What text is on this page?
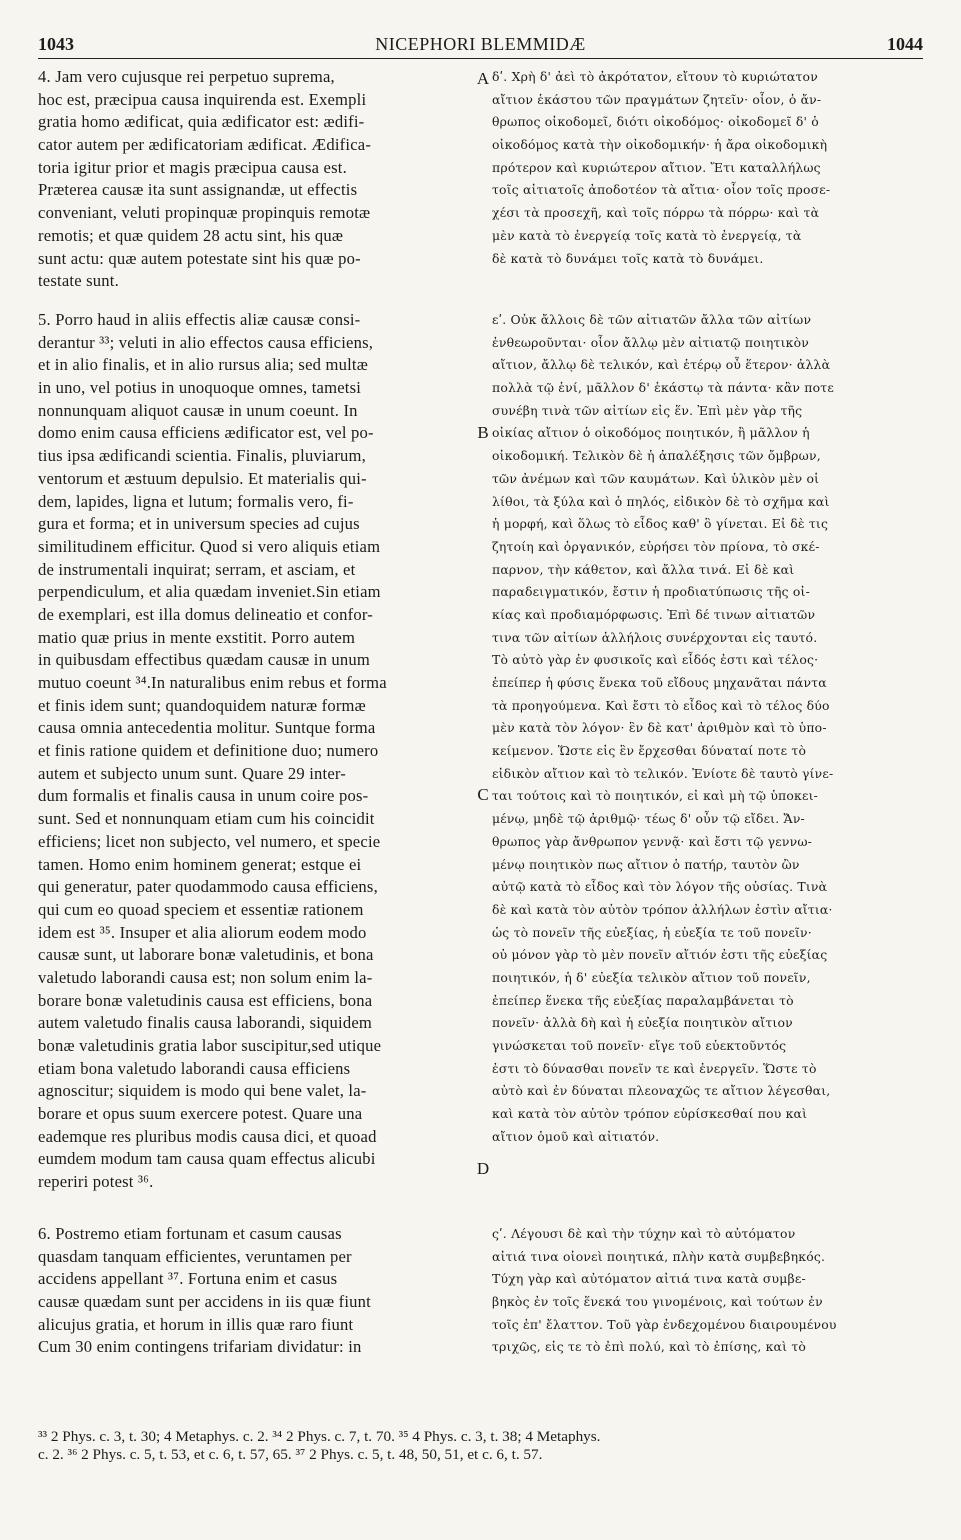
1043	NICEPHORI BLEMMIDÆ	1044
4. Jam vero cujusque rei perpetuo suprema,
hoc est, præcipua causa inquirenda est. Exempli
gratia homo ædificat, quia ædificator est: ædifi-
cator autem per ædificatoriam ædificat. Ædifica-
toria igitur prior et magis præcipua causa est.
Præterea causæ ita sunt assignandæ, ut effectis
conveniant, veluti propinquæ propinquis remotæ
remotis; et quæ quidem 28 actu sint, his quæ
sunt actu: quæ autem potestate sint his quæ po-
testate sunt.
5. Porro haud in aliis effectis aliæ causæ consi-
derantur ³³; veluti in alio effectos causa efficiens,
et in alio finalis, et in alio rursus alia; sed multæ
in uno, vel potius in unoquoque omnes, tametsi
nonnunquam aliquot causæ in unum coeunt. In
domo enim causa efficiens ædificator est, vel po-
tius ipsa ædificandi scientia. Finalis, pluviarum,
ventorum et æstuum depulsio. Et materialis qui-
dem, lapides, ligna et lutum; formalis vero, fi-
gura et forma; et in universum species ad cujus
similitudinem efficitur. Quod si vero aliquis etiam
de instrumentali inquirat; serram, et asciam, et
perpendiculum, et alia quædam inveniet.Sin etiam
de exemplari, est illa domus delineatio et confor-
matio quæ prius in mente exstitit. Porro autem
in quibusdam effectibus quædam causæ in unum
mutuo coeunt ³⁴.In naturalibus enim rebus et forma
et finis idem sunt; quandoquidem naturæ formæ
causa omnia antecedentia molitur. Suntque forma
et finis ratione quidem et definitione duo; numero
autem et subjecto unum sunt. Quare 29 inter-
dum formalis et finalis causa in unum coire pos-
sunt. Sed et nonnunquam etiam cum his coincidit
efficiens; licet non subjecto, vel numero, et specie
tamen. Homo enim hominem generat; estque ei
qui generatur, pater quodammodo causa efficiens,
qui cum eo quoad speciem et essentiæ rationem
idem est ³⁵. Insuper et alia aliorum eodem modo
causæ sunt, ut laborare bonæ valetudinis, et bona
valetudo laborandi causa est; non solum enim la-
borare bonæ valetudinis causa est efficiens, bona
autem valetudo finalis causa laborandi, siquidem
bonæ valetudinis gratia labor suscipitur,sed utique
etiam bona valetudo laborandi causa efficiens
agnoscitur; siquidem is modo qui bene valet, la-
borare et opus suum exercere potest. Quare una
eademque res pluribus modis causa dici, et quoad
eumdem modum tam causa quam effectus alicubi
reperiri potest ³⁶.
6. Postremo etiam fortunam et casum causas
quasdam tanquam efficientes, veruntamen per
accidens appellant ³⁷. Fortuna enim et casus
causæ quædam sunt per accidens in iis quæ fiunt
alicujus gratia, et horum in illis quæ raro fiunt
Cum 30 enim contingens trifariam dividatur: in
δʹ. Χρὴ δ' ἀεὶ τὸ ἀκρότατον, εἴτουν τὸ κυριώτατον
αἴτιον ἑκάστου τῶν πραγμάτων ζητεῖν· οἷον, ὁ ἄν-
θρωπος οἰκοδομεῖ, διότι οἰκοδόμος· οἰκοδομεῖ δ' ὁ
οἰκοδόμος κατὰ τὴν οἰκοδομικήν· ἡ ἄρα οἰκοδομικὴ
πρότερον καὶ κυριώτερον αἴτιον. Ἔτι καταλλήλως
τοῖς αἰτιατοῖς ἀποδοτέον τὰ αἴτια· οἷον τοῖς προσε-
χέσι τὰ προσεχῆ, καὶ τοῖς πόρρω τὰ πόρρω· καὶ τὰ
μὲν κατὰ τὸ ἐνεργείᾳ τοῖς κατὰ τὸ ἐνεργείᾳ, τὰ
δὲ κατὰ τὸ δυνάμει τοῖς κατὰ τὸ δυνάμει.
εʹ. Οὐκ ἄλλοις δὲ τῶν αἰτιατῶν ἄλλα τῶν αἰτίων
ἐνθεωροῦνται· οἷον ἄλλῳ μὲν αἰτιατῷ ποιητικὸν
αἴτιον, ἄλλῳ δὲ τελικόν, καὶ ἑτέρῳ οὖ ἕτερον· ἀλλὰ
πολλὰ τῷ ἑνί, μᾶλλον δ' ἑκάστῳ τὰ πάντα· κἂν ποτε
συνέβη τινὰ τῶν αἰτίων εἰς ἕν. Ἐπὶ μὲν γὰρ τῆς
οἰκίας αἴτιον ὁ οἰκοδόμος ποιητικόν, ἢ μᾶλλον ἡ
οἰκοδομική. Τελικὸν δὲ ἡ ἀπαλέξησις τῶν ὄμβρων,
τῶν ἀνέμων καὶ τῶν καυμάτων. Καὶ ὑλικὸν μὲν οἱ
λίθοι, τὰ ξύλα καὶ ὁ πηλός, εἰδικὸν δὲ τὸ σχῆμα καὶ
ἡ μορφή, καὶ ὅλως τὸ εἶδος καθ' ὃ γίνεται. Εἰ δὲ τις
ζητοίη καὶ ὀργανικόν, εὑρήσει τὸν πρίονα, τὸ σκέ-
παρνον, τὴν κάθετον, καὶ ἄλλα τινά. Εἰ δὲ καὶ
παραδειγματικόν, ἔστιν ἡ προδιατύπωσις τῆς οἰ-
κίας καὶ προδιαμόρφωσις. Ἐπὶ δέ τινων αἰτιατῶν
τινα τῶν αἰτίων ἀλλήλοις συνέρχονται εἰς ταυτό.
Τὸ αὐτὸ γὰρ ἐν φυσικοῖς καὶ εἶδός ἐστι καὶ τέλος·
ἐπείπερ ἡ φύσις ἕνεκα τοῦ εἴδους μηχανᾶται πάντα
τὰ προηγούμενα. Καὶ ἔστι τὸ εἶδος καὶ τὸ τέλος δύο
μὲν κατὰ τὸν λόγον· ἓν δὲ κατ' ἀριθμὸν καὶ τὸ ὑπο-
κείμενον. Ὥστε εἰς ἓν ἔρχεσθαι δύναταί ποτε τὸ
εἰδικὸν αἴτιον καὶ τὸ τελικόν. Ἐνίοτε δὲ ταυτὸ γίνε-
ται τούτοις καὶ τὸ ποιητικόν, εἰ καὶ μὴ τῷ ὑποκει-
μένῳ, μηδὲ τῷ ἀριθμῷ· τέως δ' οὖν τῷ εἴδει. Ἄν-
θρωπος γὰρ ἄνθρωπον γεννᾷ· καὶ ἔστι τῷ γεννω-
μένῳ ποιητικὸν πως αἴτιον ὁ πατήρ, ταυτὸν ὢν
αὐτῷ κατὰ τὸ εἶδος καὶ τὸν λόγον τῆς οὐσίας. Τινὰ
δὲ καὶ κατὰ τὸν αὐτὸν τρόπον ἀλλήλων ἐστὶν αἴτια·
ὡς τὸ πονεῖν τῆς εὐεξίας, ἡ εὐεξία τε τοῦ πονεῖν·
οὐ μόνον γὰρ τὸ μὲν πονεῖν αἴτιόν ἐστι τῆς εὐεξίας
ποιητικόν, ἡ δ' εὐεξία τελικὸν αἴτιον τοῦ πονεῖν,
ἐπείπερ ἕνεκα τῆς εὐεξίας παραλαμβάνεται τὸ
πονεῖν· ἀλλὰ δὴ καὶ ἡ εὐεξία ποιητικὸν αἴτιον
γινώσκεται τοῦ πονεῖν· εἴγε τοῦ εὐεκτοῦντός
ἐστι τὸ δύνασθαι πονεῖν τε καὶ ἐνεργεῖν. Ὥστε τὸ
αὐτὸ καὶ ἐν δύναται πλεοναχῶς τε αἴτιον λέγεσθαι,
καὶ κατὰ τὸν αὐτὸν τρόπον εὑρίσκεσθαί που καὶ
αἴτιον ὁμοῦ καὶ αἰτιατόν.
ςʹ. Λέγουσι δὲ καὶ τὴν τύχην καὶ τὸ αὐτόματον
αἰτιά τινα οἱονεὶ ποιητικά, πλὴν κατὰ συμβεβηκός.
Τύχη γὰρ καὶ αὐτόματον αἰτιά τινα κατὰ συμβε-
βηκὸς ἐν τοῖς ἕνεκά του γινομένοις, καὶ τούτων ἐν
τοῖς ἐπ' ἔλαττον. Τοῦ γὰρ ἐνδεχομένου διαιρουμένου
τριχῶς, εἰς τε τὸ ἐπὶ πολύ, καὶ τὸ ἐπίσης, καὶ τὸ
A
B
C
D
³³ 2 Phys. c. 3, t. 30; 4 Metaphys. c. 2. ³⁴ 2 Phys. c. 7, t. 70. ³⁵ 4 Phys. c. 3, t. 38; 4 Metaphys.
c. 2. ³⁶ 2 Phys. c. 5, t. 53, et c. 6, t. 57, 65. ³⁷ 2 Phys. c. 5, t. 48, 50, 51, et c. 6, t. 57.
